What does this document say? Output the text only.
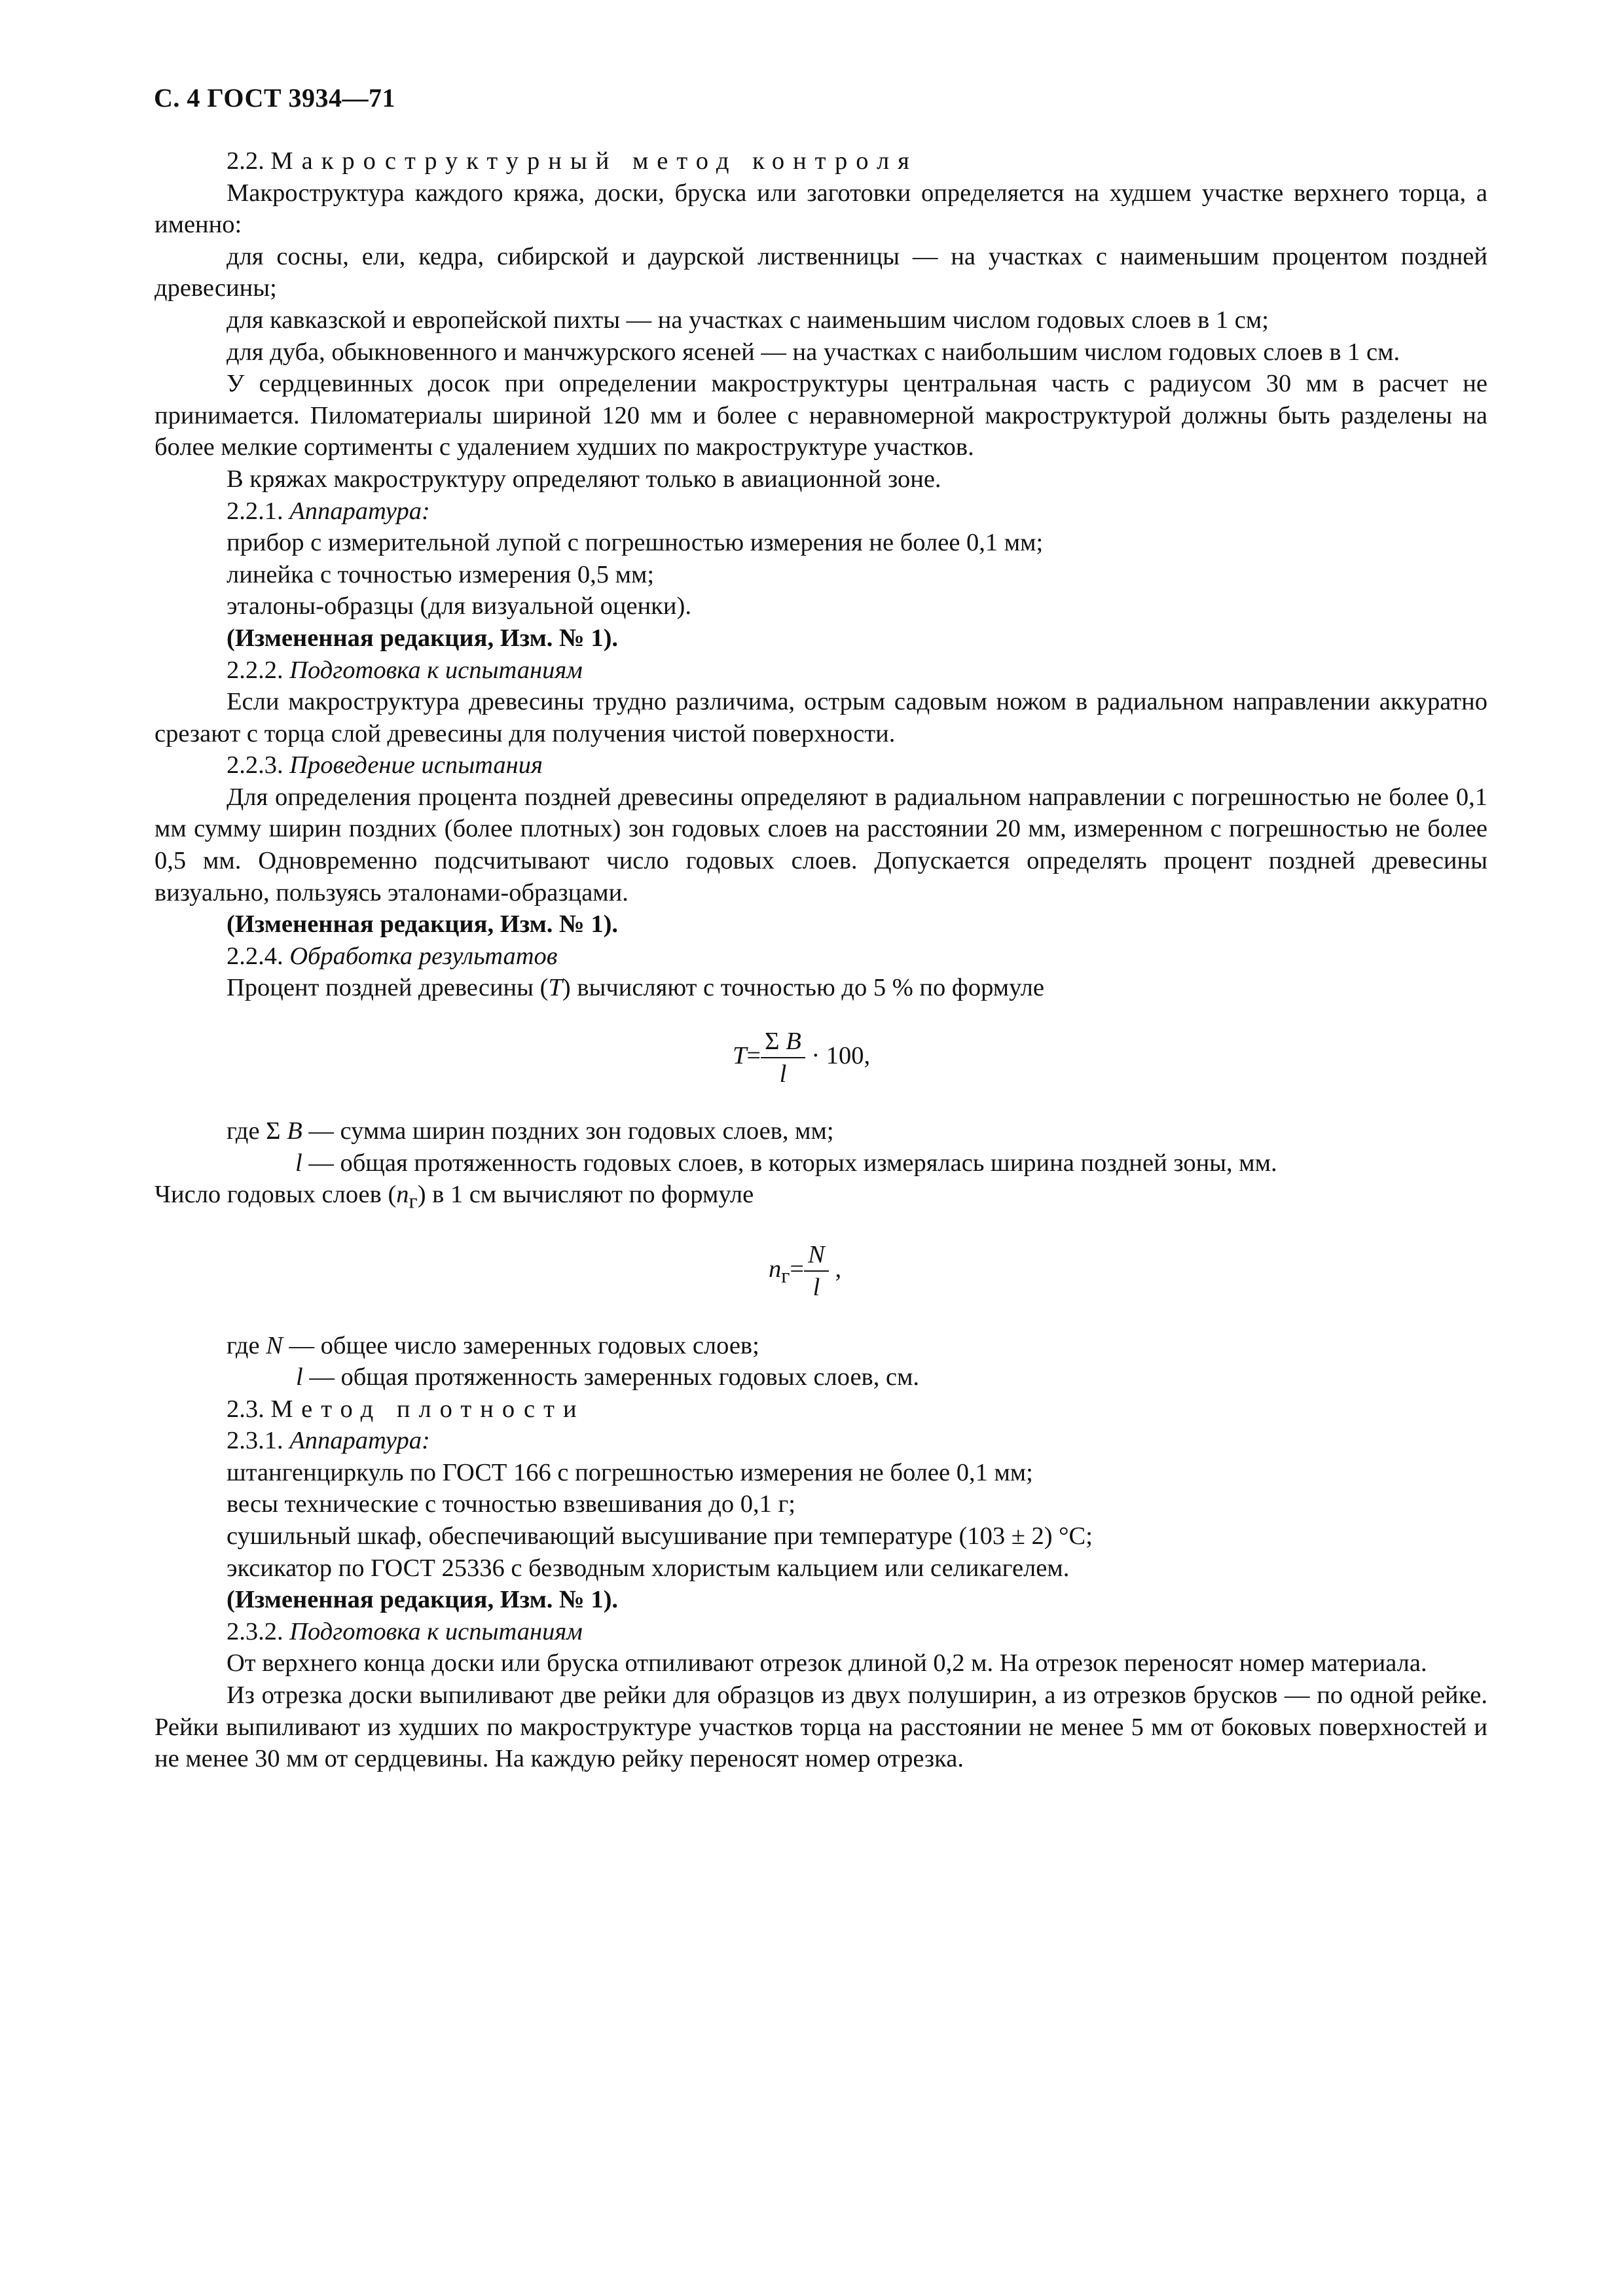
С. 4 ГОСТ 3934—71

2.2. Макроструктурный метод контроля

Макроструктура каждого кряжа, доски, бруска или заготовки определяется на худшем участке верхнего торца, а именно:

для сосны, ели, кедра, сибирской и даурской лиственницы — на участках с наименьшим процентом поздней древесины;

для кавказской и европейской пихты — на участках с наименьшим числом годовых слоев в 1 см;

для дуба, обыкновенного и манчжурского ясеней — на участках с наибольшим числом годовых слоев в 1 см.

У сердцевинных досок при определении макроструктуры центральная часть с радиусом 30 мм в расчет не принимается. Пиломатериалы шириной 120 мм и более с неравномерной макроструктурой должны быть разделены на более мелкие сортименты с удалением худших по макроструктуре участков.

В кряжах макроструктуру определяют только в авиационной зоне.

2.2.1. Аппаратура:

прибор с измерительной лупой с погрешностью измерения не более 0,1 мм;

линейка с точностью измерения 0,5 мм;

эталоны-образцы (для визуальной оценки).

(Измененная редакция, Изм. № 1).

2.2.2. Подготовка к испытаниям

Если макроструктура древесины трудно различима, острым садовым ножом в радиальном направлении аккуратно срезают с торца слой древесины для получения чистой поверхности.

2.2.3. Проведение испытания

Для определения процента поздней древесины определяют в радиальном направлении с погрешностью не более 0,1 мм сумму ширин поздних (более плотных) зон годовых слоев на расстоянии 20 мм, измеренном с погрешностью не более 0,5 мм. Одновременно подсчитывают число годовых слоев. Допускается определять процент поздней древесины визуально, пользуясь эталонами-образцами.

(Измененная редакция, Изм. № 1).

2.2.4. Обработка результатов

Процент поздней древесины (T) вычисляют с точностью до 5 % по формуле

$T= \frac{\text{Σ B}}{l} \cdot 100$,

где Σ B — сумма ширин поздних зон годовых слоев, мм;

l — общая протяженность годовых слоев, в которых измерялась ширина поздней зоны, мм.

Число годовых слоев $(n_г)$ в 1 см вычисляют по формуле

$n_г= \frac{N}{l}$ ,

где N — общее число замеренных годовых слоев;

l — общая протяженность замеренных годовых слоев, см.

2.3. Метод плотности

2.3.1. Аппаратура:

штангенциркуль по ГОСТ 166 с погрешностью измерения не более 0,1 мм;

весы технические с точностью взвешивания до 0,1 г;

сушильный шкаф, обеспечивающий высушивание при температуре (103 ± 2) °С;

эксикатор по ГОСТ 25336 с безводным хлористым кальцием или селикагелем.

(Измененная редакция, Изм. № 1).

2.3.2. Подготовка к испытаниям

От верхнего конца доски или бруска отпиливают отрезок длиной 0,2 м. На отрезок переносят номер материала.

Из отрезка доски выпиливают две рейки для образцов из двух полуширин, а из отрезков брусков — по одной рейке. Рейки выпиливают из худших по макроструктуре участков торца на расстоянии не менее 5 мм от боковых поверхностей и не менее 30 мм от сердцевины. На каждую рейку переносят номер отрезка.
